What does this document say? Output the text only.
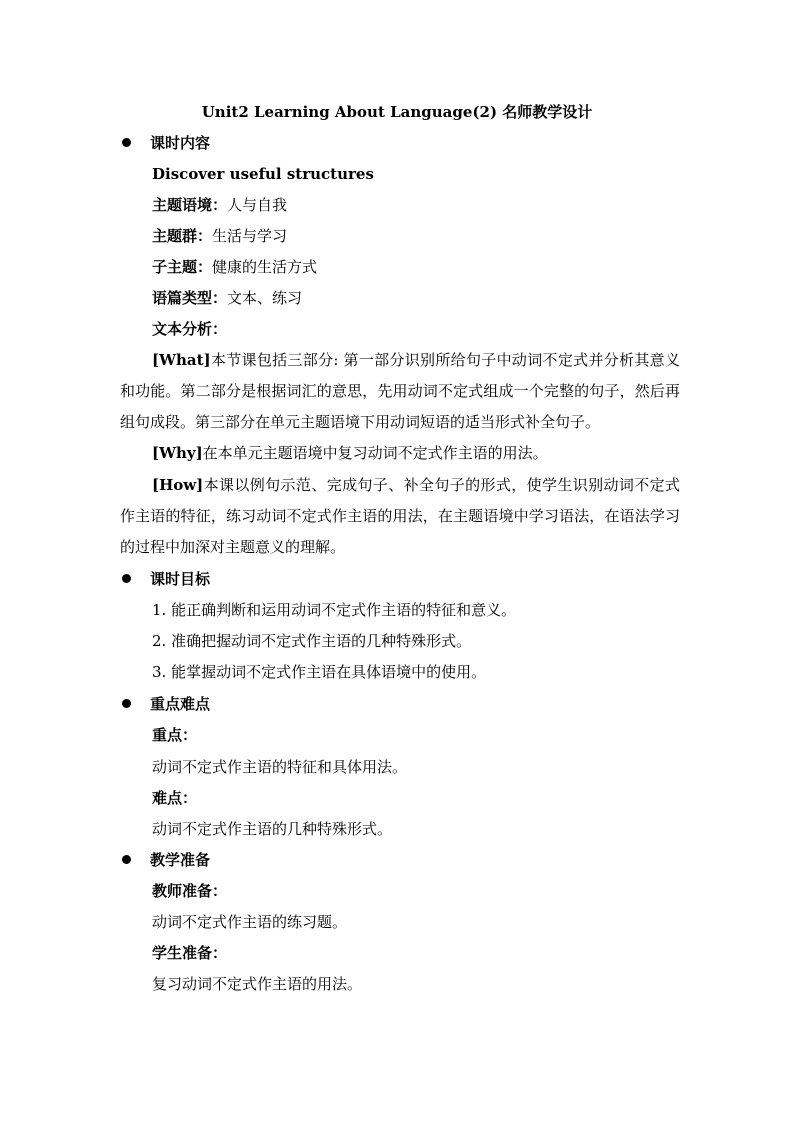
Unit2 Learning About Language(2) 名师教学设计
课时内容
Discover useful structures
主题语境：人与自我
主题群：生活与学习
子主题：健康的生活方式
语篇类型：文本、练习
文本分析：
[What]本节课包括三部分: 第一部分识别所给句子中动词不定式并分析其意义和功能。第二部分是根据词汇的意思，先用动词不定式组成一个完整的句子，然后再组句成段。第三部分在单元主题语境下用动词短语的适当形式补全句子。
[Why]在本单元主题语境中复习动词不定式作主语的用法。
[How]本课以例句示范、完成句子、补全句子的形式，使学生识别动词不定式作主语的特征，练习动词不定式作主语的用法，在主题语境中学习语法，在语法学习的过程中加深对主题意义的理解。
课时目标
1. 能正确判断和运用动词不定式作主语的特征和意义。
2. 准确把握动词不定式作主语的几种特殊形式。
3. 能掌握动词不定式作主语在具体语境中的使用。
重点难点
重点：
动词不定式作主语的特征和具体用法。
难点：
动词不定式作主语的几种特殊形式。
教学准备
教师准备：
动词不定式作主语的练习题。
学生准备：
复习动词不定式作主语的用法。
